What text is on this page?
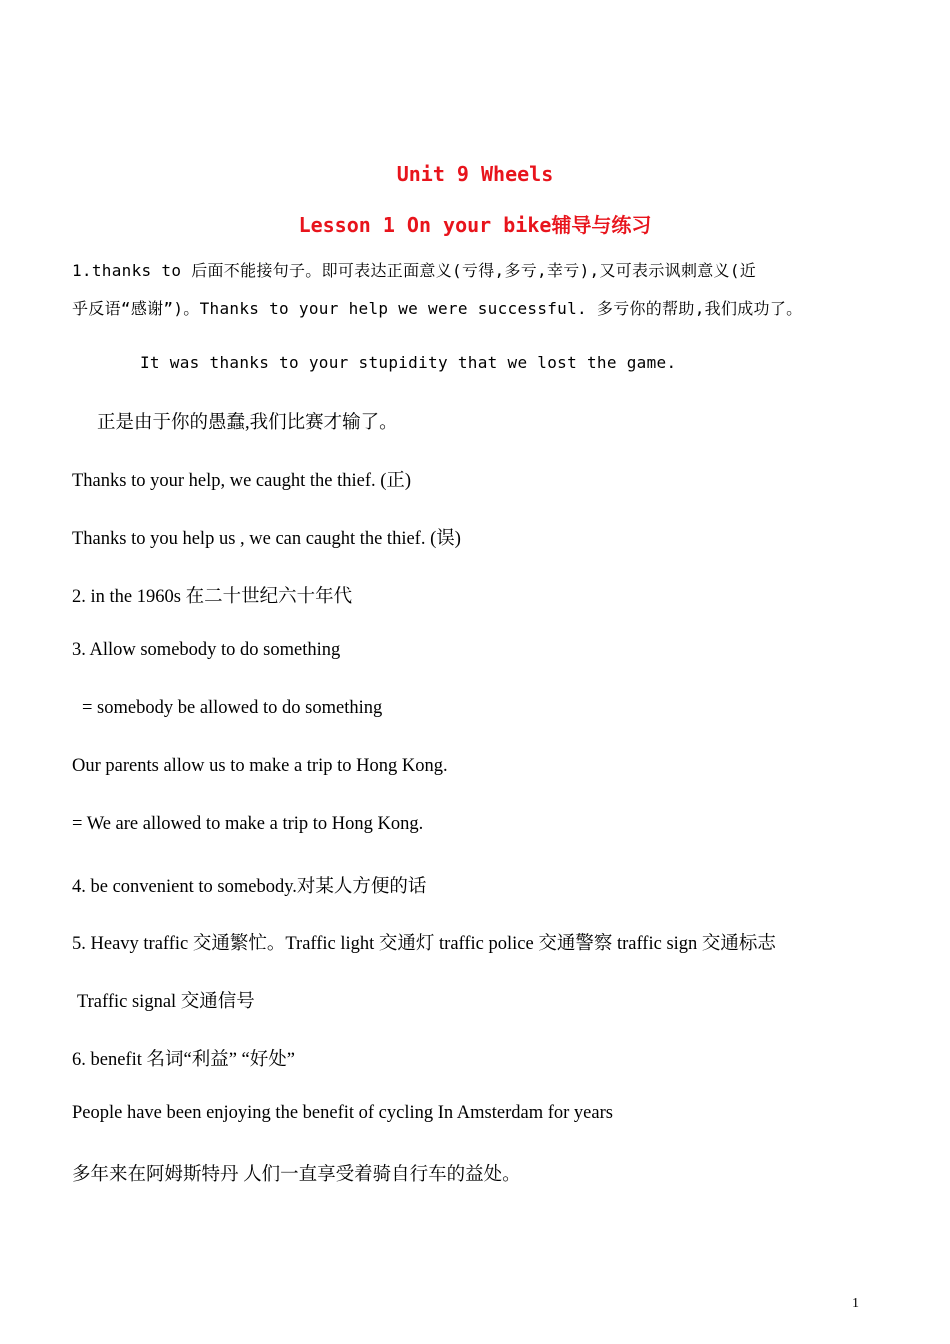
Unit 9 Wheels
Lesson 1 On your bike辅导与练习
1.thanks to 后面不能接句子。即可表达正面意义(亏得,多亏,幸亏),又可表示讽刺意义(近
乎反语“感谢”)。Thanks to your help we were successful. 多亏你的帮助,我们成功了。
It was thanks to your stupidity that we lost the game.
正是由于你的愚蠢,我们比赛才输了。
Thanks to your help, we caught the thief. (正)
Thanks to you help us , we can caught the thief. (误)
2. in the 1960s 在二十世纪六十年代
3. Allow somebody to do something
= somebody be allowed to do something
Our parents allow us to make a trip to Hong Kong.
= We are allowed to make a trip to Hong Kong.
4. be convenient to somebody.对某人方便的话
5. Heavy traffic 交通繁忙。Traffic light 交通灯 traffic police 交通警察 traffic sign 交通标志
Traffic signal 交通信号
6. benefit 名词“利益” “好处”
People have been enjoying the benefit of cycling In Amsterdam for years
多年来在阿姆斯特丹 人们一直享受着骑自行车的益处。
1
